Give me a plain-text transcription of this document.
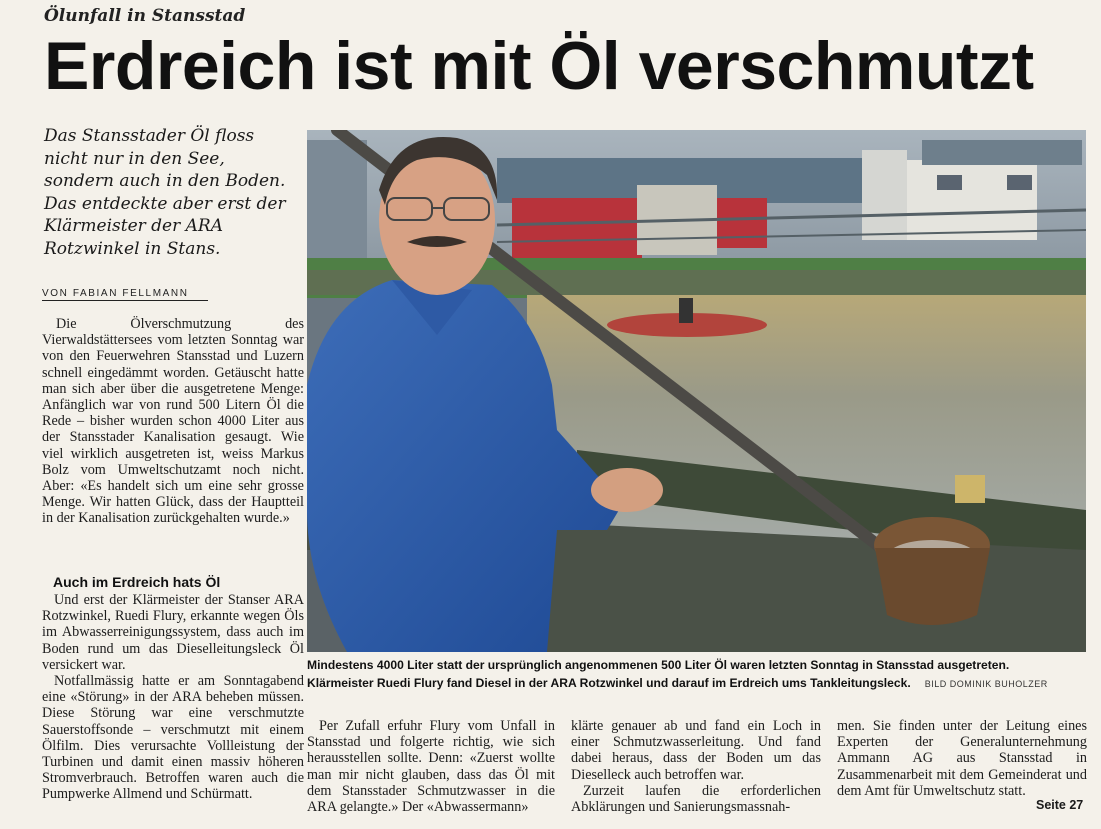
Ölunfall in Stansstad
Erdreich ist mit Öl verschmutzt
Das Stansstader Öl floss nicht nur in den See, sondern auch in den Boden. Das entdeckte aber erst der Klärmeister der ARA Rotzwinkel in Stans.
VON FABIAN FELLMANN

Die Ölverschmutzung des Vierwaldstättersees vom letzten Sonntag war von den Feuerwehren Stansstad und Luzern schnell eingedämmt worden. Getäuscht hatte man sich aber über die ausgetretene Menge: Anfänglich war von rund 500 Litern Öl die Rede – bisher wurden schon 4000 Liter aus der Stansstader Kanalisation gesaugt. Wie viel wirklich ausgetreten ist, weiss Markus Bolz vom Umweltschutzamt noch nicht. Aber: «Es handelt sich um eine sehr grosse Menge. Wir hatten Glück, dass der Hauptteil in der Kanalisation zurückgehalten wurde.»

Auch im Erdreich hats Öl

Und erst der Klärmeister der Stanser ARA Rotzwinkel, Ruedi Flury, erkannte wegen Öls im Abwasserreinigungssystem, dass auch im Boden rund um das Dieselleitungsleck Öl versickert war.

Notfallmässig hatte er am Sonntagabend eine «Störung» in der ARA beheben müssen. Diese Störung war eine verschmutzte Sauerstoffsonde – verschmutzt mit einem Ölfilm. Dies verursachte Vollleistung der Turbinen und damit einen massiv höheren Stromverbrauch. Betroffen waren auch die Pumpwerke Allmend und Schürmatt.

Mindestens 4000 Liter statt der ursprünglich angenommenen 500 Liter Öl waren letzten Sonntag in Stansstad ausgetreten.
Klärmeister Ruedi Flury fand Diesel in der ARA Rotzwinkel und darauf im Erdreich ums Tankleitungsleck. BILD DOMINIK BUHOLZER

Per Zufall erfuhr Flury vom Unfall in Stansstad und folgerte richtig, wie sich herausstellen sollte. Denn: «Zuerst wollte man mir nicht glauben, dass das Öl mit dem Stansstader Schmutzwasser in die ARA gelangte.» Der «Abwassermann»

klärte genauer ab und fand ein Loch in einer Schmutzwasserleitung. Und fand dabei heraus, dass der Boden um das Dieselleck auch betroffen war.

Zurzeit laufen die erforderlichen Abklärungen und Sanierungsmassnah-

men. Sie finden unter der Leitung eines Experten der Generalunternehmung Ammann AG aus Stansstad in Zusammenarbeit mit dem Gemeinderat und dem Amt für Umweltschutz statt.

Seite 27
